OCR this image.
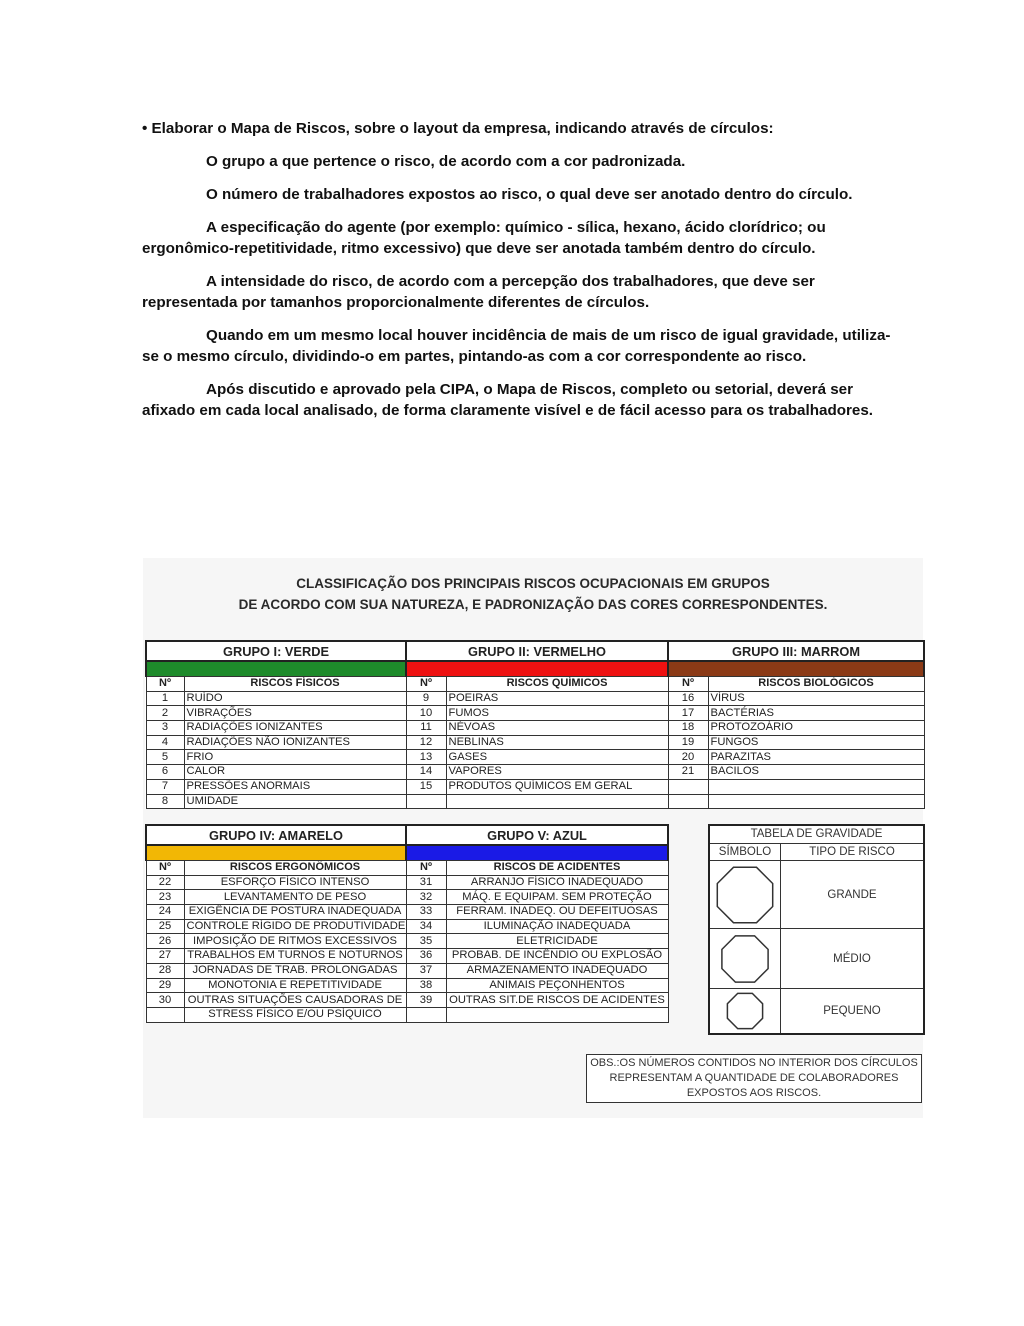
• Elaborar o Mapa de Riscos, sobre o layout da empresa, indicando através de círculos:

O grupo a que pertence o risco, de acordo com a cor padronizada.

O número de trabalhadores expostos ao risco, o qual deve ser anotado dentro do círculo.

A especificação do agente (por exemplo: químico - sílica, hexano, ácido clorídrico; ou ergonômico-repetitividade, ritmo excessivo) que deve ser anotada também dentro do círculo.

A intensidade do risco, de acordo com a percepção dos trabalhadores, que deve ser representada por tamanhos proporcionalmente diferentes de círculos.

Quando em um mesmo local houver incidência de mais de um risco de igual gravidade, utiliza-se o mesmo círculo, dividindo-o em partes, pintando-as com a cor correspondente ao risco.

Após discutido e aprovado pela CIPA, o Mapa de Riscos, completo ou setorial, deverá ser afixado em cada local analisado, de forma claramente visível e de fácil acesso para os trabalhadores.

CLASSIFICAÇÃO DOS PRINCIPAIS RISCOS OCUPACIONAIS EM GRUPOS
DE ACORDO COM SUA NATUREZA, E PADRONIZAÇÃO DAS CORES CORRESPONDENTES.
GRUPO I: VERDE		GRUPO II: VERMELHO		GRUPO III: MARROM	

Nº	RISCOS FÍSICOS	Nº	RISCOS QUÍMICOS	Nº	RISCOS BIOLÓGICOS
1	RUÍDO	9	POEIRAS	16	VÍRUS
2	VIBRAÇÕES	10	FUMOS	17	BACTÉRIAS
3	RADIAÇÕES IONIZANTES	11	NÉVOAS	18	PROTOZOÁRIO
4	RADIAÇÕES NÃO IONIZANTES	12	NEBLINAS	19	FUNGOS
5	FRIO	13	GASES	20	PARAZITAS
6	CALOR	14	VAPORES	21	BACILOS
7	PRESSÕES ANORMAIS	15	PRODUTOS QUÍMICOS EM GERAL		
8	UMIDADE				
GRUPO IV: AMARELO		GRUPO V: AZUL	

Nº	RISCOS ERGONÔMICOS	Nº	RISCOS DE ACIDENTES
22	ESFORÇO FÍSICO INTENSO	31	ARRANJO FÍSICO INADEQUADO
23	LEVANTAMENTO DE PESO	32	MÁQ. E EQUIPAM. SEM PROTEÇÃO
24	EXIGÊNCIA DE POSTURA INADEQUADA	33	FERRAM. INADEQ. OU DEFEITUOSAS
25	CONTROLE RÍGIDO DE PRODUTIVIDADE	34	ILUMINAÇÃO INADEQUADA
26	IMPOSIÇÃO DE RITMOS EXCESSIVOS	35	ELETRICIDADE
27	TRABALHOS EM TURNOS E NOTURNOS	36	PROBAB. DE INCÊNDIO OU EXPLOSÃO
28	JORNADAS DE TRAB. PROLONGADAS	37	ARMAZENAMENTO INADEQUADO
29	MONOTONIA E REPETITIVIDADE	38	ANIMAIS PEÇONHENTOS
30	OUTRAS SITUAÇÕES CAUSADORAS DE	39	OUTRAS SIT.DE RISCOS DE ACIDENTES
	STRESS FÍSICO E/OU PSÍQUICO		
TABELA DE GRAVIDADE
SÍMBOLO	TIPO DE RISCO
GRANDE
MÉDIO
PEQUENO
OBS.:OS NÚMEROS CONTIDOS NO INTERIOR DOS CÍRCULOS
REPRESENTAM A QUANTIDADE DE COLABORADORES
EXPOSTOS AOS RISCOS.
